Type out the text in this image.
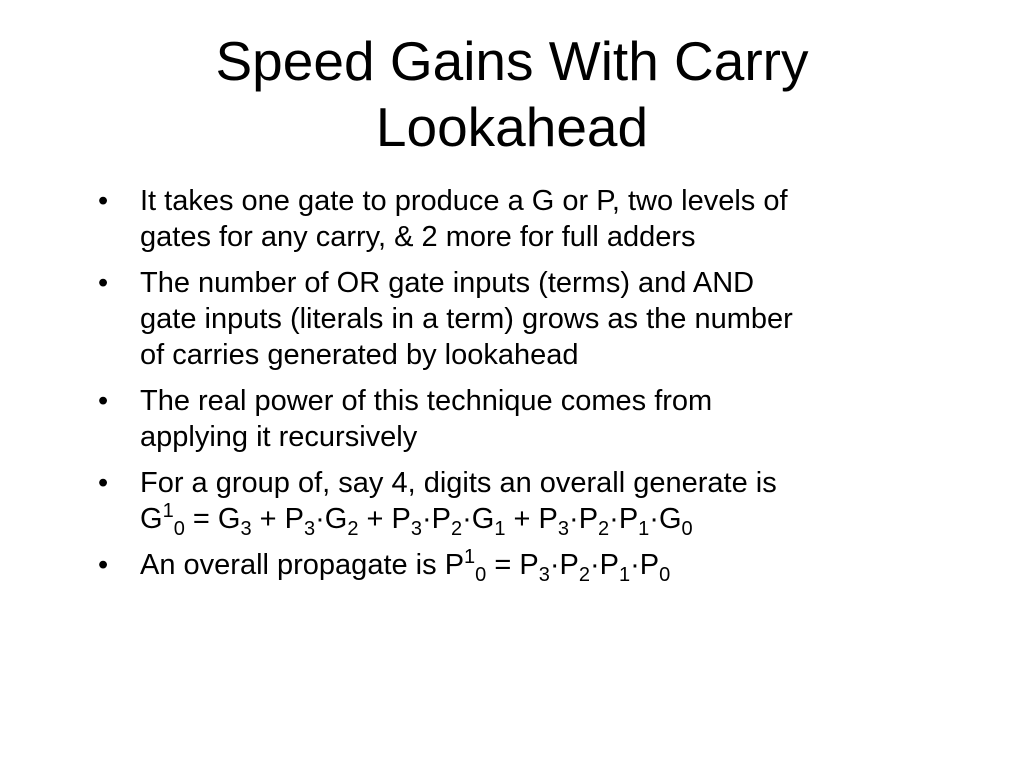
Speed Gains With Carry
Lookahead
•	It takes one gate to produce a G or P, two levels of
gates for any carry, & 2 more for full adders
•	The number of OR gate inputs (terms) and AND
gate inputs (literals in a term) grows as the number
of carries generated by lookahead
•	The real power of this technique comes from
applying it recursively
•	For a group of, say 4, digits an overall generate is
$G^1_0 = G_3 + P_3\cdot G_2 + P_3\cdot P_2\cdot G_1 + P_3\cdot P_2\cdot P_1\cdot G_0$
•	An overall propagate is $P^1_0 = P_3\cdot P_2\cdot P_1\cdot P_0$
